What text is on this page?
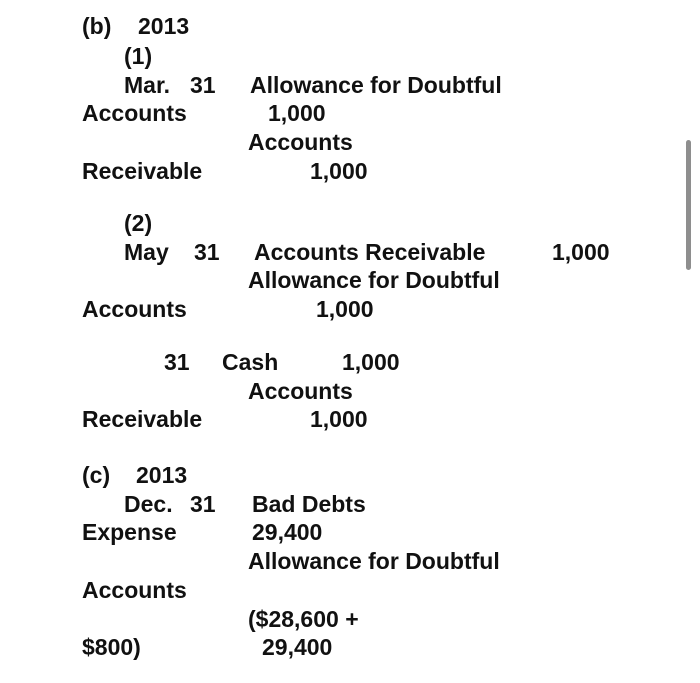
(b) 2013
(1)
Mar. 31 Allowance for Doubtful
Accounts	1,000
Accounts
Receivable	1,000
(2)
May 31 Accounts Receivable	1,000
Allowance for Doubtful
Accounts	1,000
31 Cash	1,000
Accounts
Receivable	1,000
(c) 2013
Dec. 31 Bad Debts
Expense	29,400
Allowance for Doubtful
Accounts
($28,600 +
$800)	29,400
